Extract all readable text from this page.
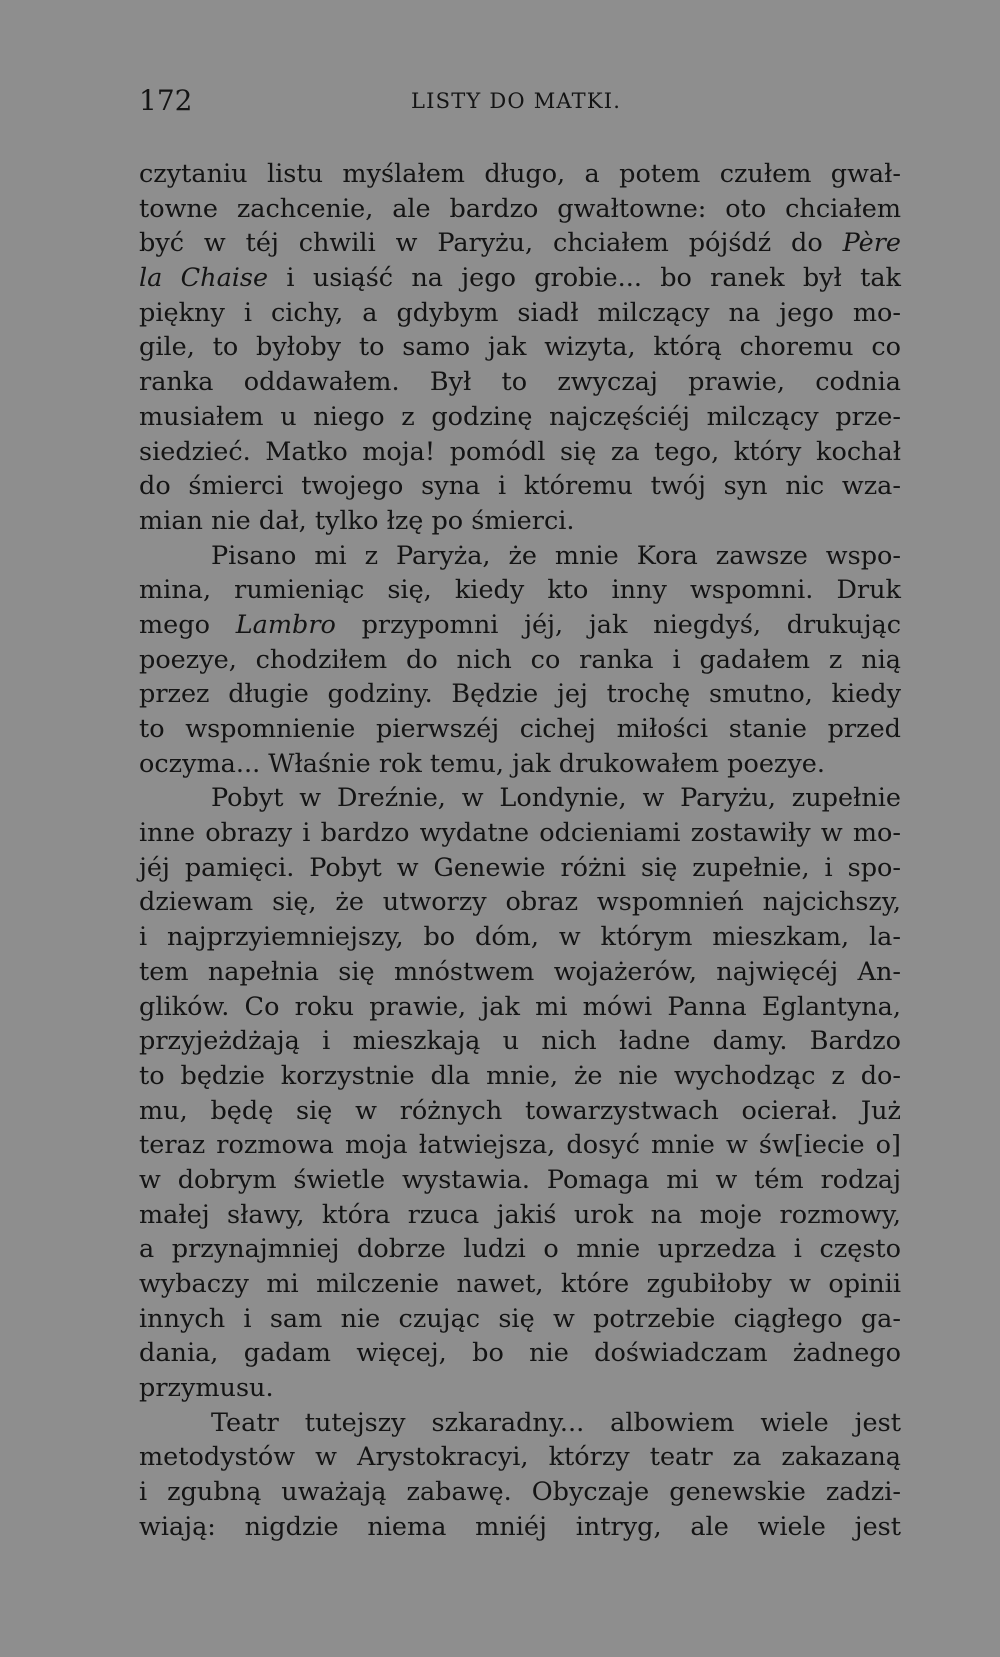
172	LISTY DO MATKI.
czytaniu listu myślałem długo, a potem czułem gwał-
towne zachcenie, ale bardzo gwałtowne: oto chciałem
być w téj chwili w Paryżu, chciałem pójśdź do Père
la Chaise i usiąść na jego grobie... bo ranek był tak
piękny i cichy, a gdybym siadł milczący na jego mo-
gile, to byłoby to samo jak wizyta, którą choremu co
ranka oddawałem. Był to zwyczaj prawie, codnia
musiałem u niego z godzinę najczęściéj milczący prze-
siedzieć. Matko moja! pomódl się za tego, który kochał
do śmierci twojego syna i któremu twój syn nic wza-
mian nie dał, tylko łzę po śmierci.
Pisano mi z Paryża, że mnie Kora zawsze wspo-
mina, rumieniąc się, kiedy kto inny wspomni. Druk
mego Lambro przypomni jéj, jak niegdyś, drukując
poezye, chodziłem do nich co ranka i gadałem z nią
przez długie godziny. Będzie jej trochę smutno, kiedy
to wspomnienie pierwszéj cichej miłości stanie przed
oczyma... Właśnie rok temu, jak drukowałem poezye.
Pobyt w Dreźnie, w Londynie, w Paryżu, zupełnie
inne obrazy i bardzo wydatne odcieniami zostawiły w mo-
jéj pamięci. Pobyt w Genewie różni się zupełnie, i spo-
dziewam się, że utworzy obraz wspomnień najcichszy,
i najprzyiemniejszy, bo dóm, w którym mieszkam, la-
tem napełnia się mnóstwem wojażerów, najwięcéj An-
glików. Co roku prawie, jak mi mówi Panna Eglantyna,
przyjeżdżają i mieszkają u nich ładne damy. Bardzo
to będzie korzystnie dla mnie, że nie wychodząc z do-
mu, będę się w różnych towarzystwach ocierał. Już
teraz rozmowa moja łatwiejsza, dosyć mnie w św[iecie o]
w dobrym świetle wystawia. Pomaga mi w tém rodzaj
małej sławy, która rzuca jakiś urok na moje rozmowy,
a przynajmniej dobrze ludzi o mnie uprzedza i często
wybaczy mi milczenie nawet, które zgubiłoby w opinii
innych i sam nie czując się w potrzebie ciągłego ga-
dania, gadam więcej, bo nie doświadczam żadnego
przymusu.
Teatr tutejszy szkaradny... albowiem wiele jest
metodystów w Arystokracyi, którzy teatr za zakazaną
i zgubną uważają zabawę. Obyczaje genewskie zadzi-
wiają: nigdzie niema mniéj intryg, ale wiele jest
